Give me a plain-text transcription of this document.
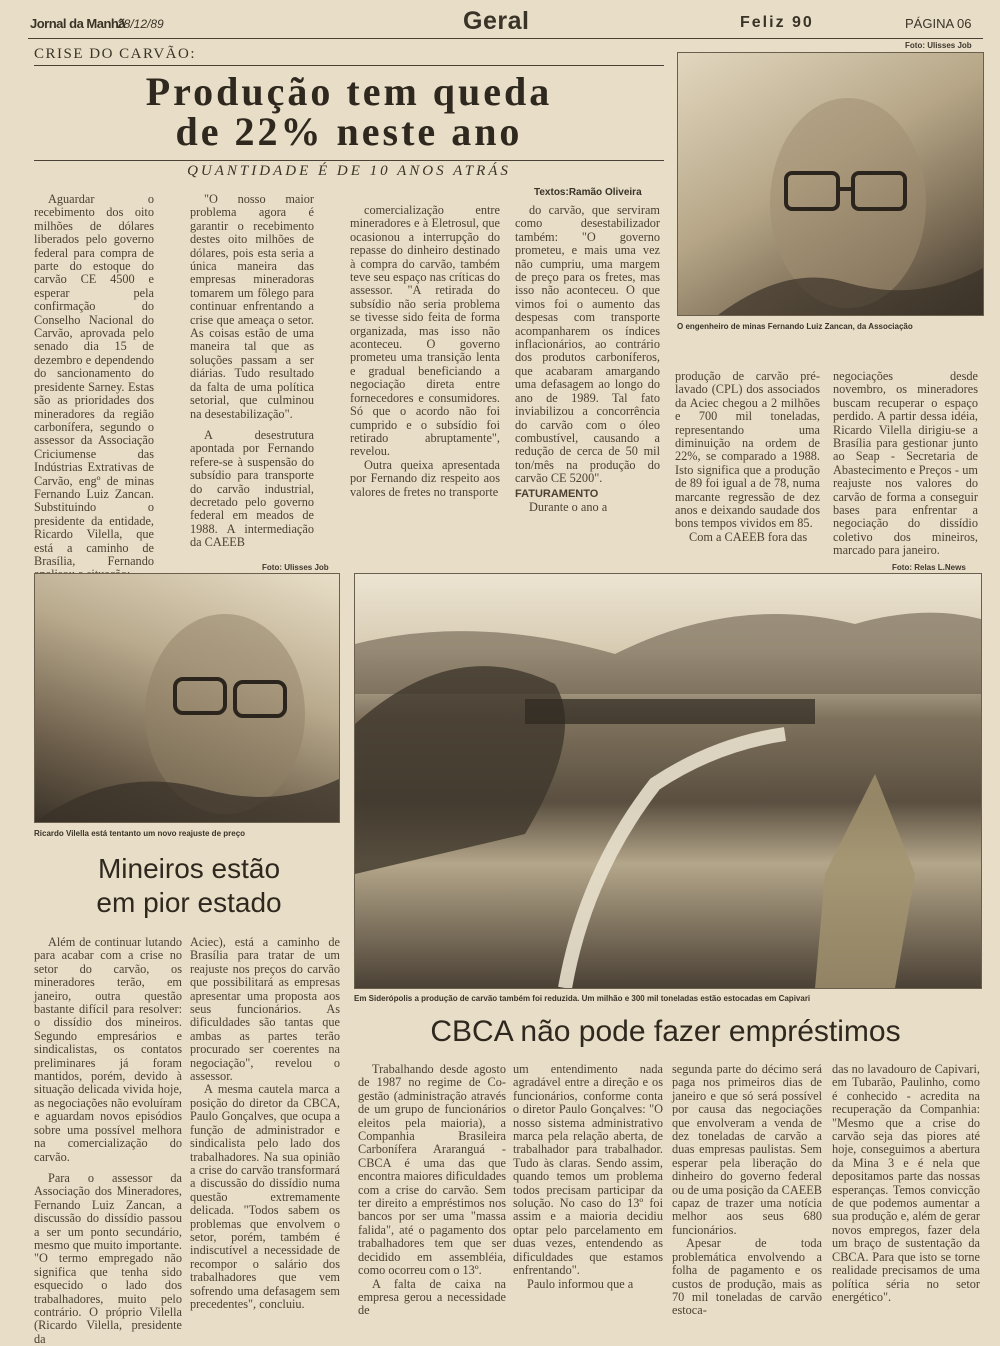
Jornal da Manhã
28/12/89	Geral	Feliz 90	PÁGINA 06
CRISE DO CARVÃO:
Produção tem queda
de 22% neste ano
QUANTIDADE É DE 10 ANOS ATRÁS
Textos:Ramão Oliveira
Foto: Ulisses Job
O engenheiro de minas Fernando Luiz Zancan, da Associação

Aguardar o recebimento dos oito milhões de dólares liberados pelo governo federal para compra de parte do estoque do carvão CE 4500 e esperar pela confirmação do Conselho Nacional do Carvão, aprovada pelo senado dia 15 de dezembro e dependendo do sancionamento do presidente Sarney. Estas são as prioridades dos mineradores da região carbonífera, segundo o assessor da Associação Criciumense das Indústrias Extrativas de Carvão, engº de minas Fernando Luiz Zancan. Substituindo o presidente da entidade, Ricardo Vilella, que está a caminho de Brasília, Fernando

"O nosso maior problema agora é garantir o recebimento destes oito milhões de dólares, pois esta seria a única maneira das empresas mineradoras tomarem um fôlego para continuar enfrentando a crise que ameaça o setor. As coisas estão de uma maneira tal que as soluções passam a ser diárias. Tudo resultado da falta de uma política setorial, que culminou na desestabilização".

A desestrutura apontada por Fernando refere-se à suspensão do subsídio para transporte do carvão industrial, decretado pelo governo federal em meados de 1988. A intermediação da CAEEB

comercialização entre mineradores e à Eletrosul, que ocasionou a interrupção do repasse do dinheiro destinado à compra do carvão, também teve seu espaço nas críticas do assessor. "A retirada do subsídio não seria problema se tivesse sido feita de forma organizada, mas isso não aconteceu. O governo prometeu uma transição lenta e gradual beneficiando a negociação direta entre fornecedores e consumidores. Só que o acordo não foi cumprido e o subsídio foi retirado abruptamente", revelou.

Outra queixa apresentada por Fernando diz respeito aos valores de fretes no transporte

do carvão, que serviram como desestabilizador também: "O governo prometeu, e mais uma vez não cumpriu, uma margem de preço para os fretes, mas isso não aconteceu. O que vimos foi o aumento das despesas com transporte acompanharem os índices inflacionários, ao contrário dos produtos carboníferos, que acabaram amargando uma defasagem ao longo do ano de 1989. Tal fato inviabilizou a concorrência do carvão com o óleo combustível, causando a redução de cerca de 50 mil ton/mês na produção do carvão CE 5200".

FATURAMENTO

Durante o ano a

produção de carvão pré-lavado (CPL) dos associados da Aciec chegou a 2 milhões e 700 mil toneladas, representando uma diminuição na ordem de 22%, se comparado a 1988. Isto significa que a produção de 89 foi igual a de 78, numa marcante regressão de dez anos e deixando saudade dos bons tempos vividos em 85.

Com a CAEEB fora das

negociações desde novembro, os mineradores buscam recuperar o espaço perdido. A partir dessa idéia, Ricardo Vilella dirigiu-se a Brasília para gestionar junto ao Seap - Secretaria de Abastecimento e Preços - um reajuste nos valores do carvão de forma a conseguir bases para enfrentar a negociação do dissídio coletivo dos mineiros, marcado para janeiro.

Foto: Ulisses Job
Ricardo Vilella está tentanto um novo reajuste de preço
Mineiros estão
em pior estado

Além de continuar lutando para acabar com a crise no setor do carvão, os mineradores terão, em janeiro, outra questão bastante difícil para resolver: o dissídio dos mineiros. Segundo empresários e sindicalistas, os contatos preliminares já foram mantidos, porém, devido à situação delicada vivida hoje, as negociações não evoluíram e aguardam novos episódios sobre uma possível melhora na comercialização do carvão.

Para o assessor da Associação dos Mineradores, Fernando Luiz Zancan, a discussão do dissídio passou a ser um ponto secundário, mesmo que muito importante. "O termo empregado não significa que tenha sido esquecido o lado dos trabalhadores, muito pelo contrário. O próprio Vilella (Ricardo Vilella, presidente da

Aciec), está a caminho de Brasília para tratar de um reajuste nos preços do carvão que possibilitará as empresas apresentar uma proposta aos seus funcionários. As dificuldades são tantas que ambas as partes terão procurado ser coerentes na negociação", revelou o assessor.

A mesma cautela marca a posição do diretor da CBCA, Paulo Gonçalves, que ocupa a função de administrador e sindicalista pelo lado dos trabalhadores. Na sua opinião a crise do carvão transformará a discussão do dissídio numa questão extremamente delicada. "Todos sabem os problemas que envolvem o setor, porém, também é indiscutível a necessidade de recompor o salário dos trabalhadores que vem sofrendo uma defasagem sem precedentes", concluiu.

Foto: Relas L.News
Em Siderópolis a produção de carvão também foi reduzida. Um milhão e 300 mil toneladas estão estocadas em Capivari
CBCA não pode fazer empréstimos

Trabalhando desde agosto de 1987 no regime de Co-gestão (administração através de um grupo de funcionários eleitos pela maioria), a Companhia Brasileira Carbonífera Araranguá - CBCA é uma das que encontra maiores dificuldades com a crise do carvão. Sem ter direito a empréstimos nos bancos por ser uma "massa falida", até o pagamento dos trabalhadores tem que ser decidido em assembléia, como ocorreu com o 13º.

A falta de caixa na empresa gerou a necessidade de

um entendimento nada agradável entre a direção e os funcionários, conforme conta o diretor Paulo Gonçalves: "O nosso sistema administrativo marca pela relação aberta, de trabalhador para trabalhador. Tudo às claras. Sendo assim, quando temos um problema todos precisam participar da solução. No caso do 13º foi assim e a maioria decidiu optar pelo parcelamento em duas vezes, entendendo as dificuldades que estamos enfrentando".

Paulo informou que a

segunda parte do décimo será paga nos primeiros dias de janeiro e que só será possível por causa das negociações que envolveram a venda de dez toneladas de carvão a duas empresas paulistas. Sem esperar pela liberação do dinheiro do governo federal ou de uma posição da CAEEB capaz de trazer uma notícia melhor aos seus 680 funcionários.

Apesar de toda problemática envolvendo a folha de pagamento e os custos de produção, mais as 70 mil toneladas de carvão estoca-

das no lavadouro de Capivari, em Tubarão, Paulinho, como é conhecido - acredita na recuperação da Companhia: "Mesmo que a crise do carvão seja das piores até hoje, conseguimos a abertura da Mina 3 e é nela que depositamos parte das nossas esperanças. Temos convicção de que podemos aumentar a sua produção e, além de gerar novos empregos, fazer dela um braço de sustentação da CBCA. Para que isto se torne realidade precisamos de uma política séria no setor energético".
